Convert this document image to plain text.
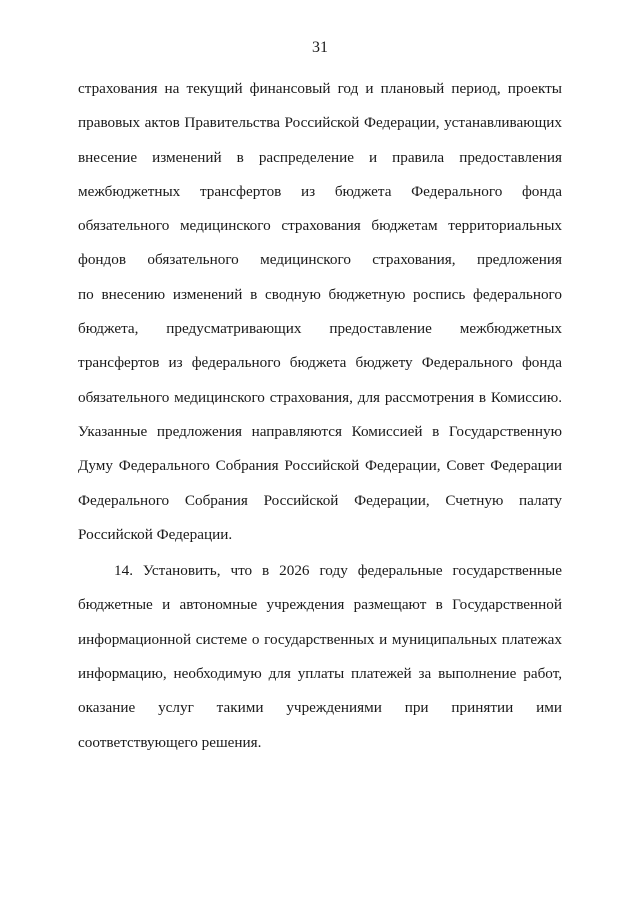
31
страхования на текущий финансовый год и плановый период, проекты
правовых актов Правительства Российской Федерации, устанавливающих
внесение изменений в распределение и правила предоставления
межбюджетных трансфертов из бюджета Федерального фонда
обязательного медицинского страхования бюджетам территориальных
фондов обязательного медицинского страхования, предложения
по внесению изменений в сводную бюджетную роспись федерального
бюджета, предусматривающих предоставление межбюджетных
трансфертов из федерального бюджета бюджету Федерального фонда
обязательного медицинского страхования, для рассмотрения в Комиссию.
Указанные предложения направляются Комиссией в Государственную
Думу Федерального Собрания Российской Федерации, Совет Федерации
Федерального Собрания Российской Федерации, Счетную палату
Российской Федерации.
14. Установить, что в 2026 году федеральные государственные
бюджетные и автономные учреждения размещают в Государственной
информационной системе о государственных и муниципальных платежах
информацию, необходимую для уплаты платежей за выполнение работ,
оказание услуг такими учреждениями при принятии ими
соответствующего решения.
